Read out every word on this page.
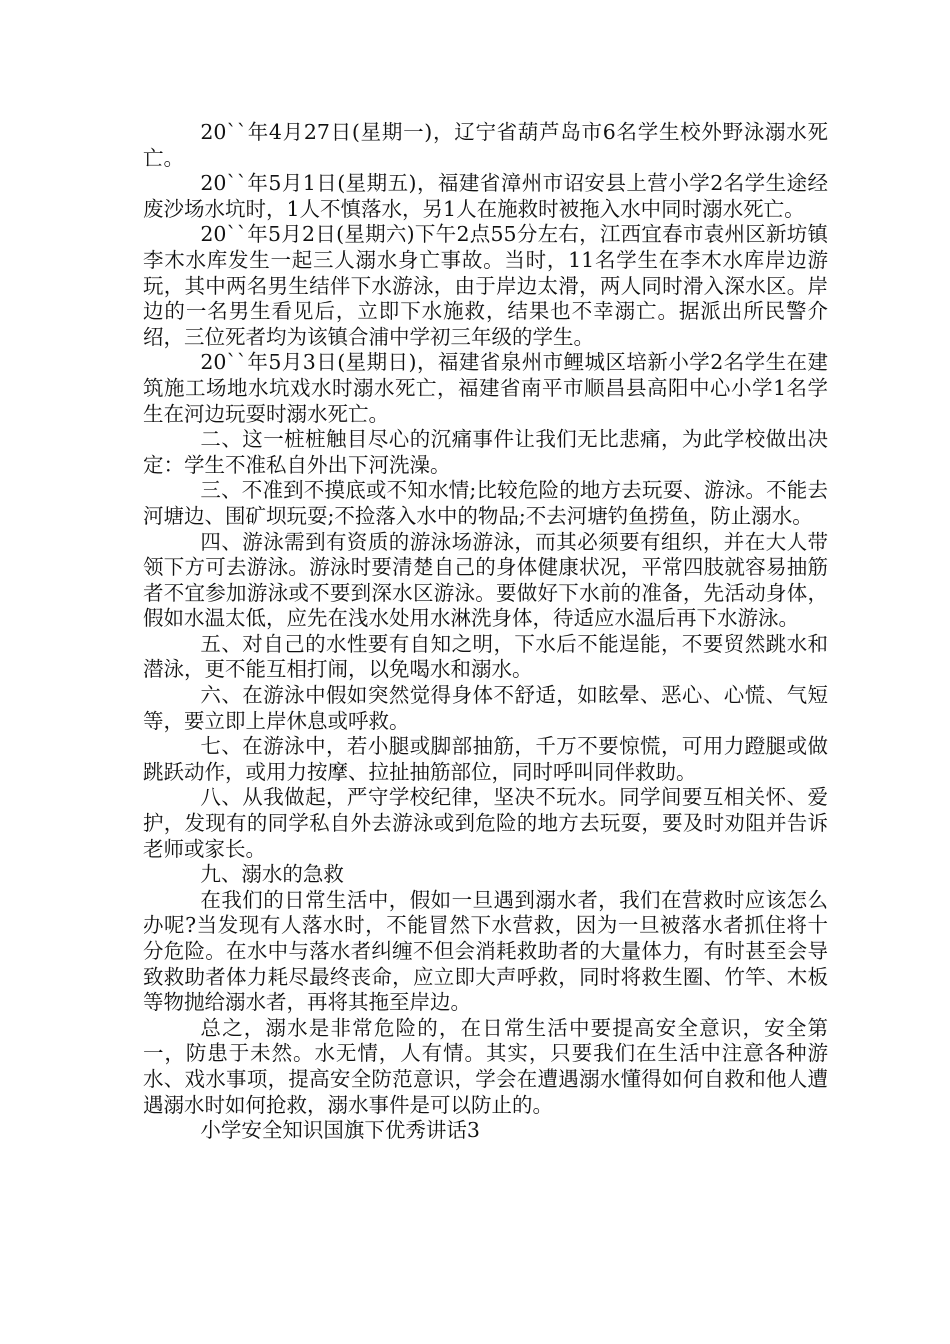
20``年4月27日(星期一)，辽宁省葫芦岛市6名学生校外野泳溺水死亡。

20``年5月1日(星期五)，福建省漳州市诏安县上营小学2名学生途经废沙场水坑时，1人不慎落水，另1人在施救时被拖入水中同时溺水死亡。

20``年5月2日(星期六)下午2点55分左右，江西宜春市袁州区新坊镇李木水库发生一起三人溺水身亡事故。当时，11名学生在李木水库岸边游玩，其中两名男生结伴下水游泳，由于岸边太滑，两人同时滑入深水区。岸边的一名男生看见后，立即下水施救，结果也不幸溺亡。据派出所民警介绍，三位死者均为该镇合浦中学初三年级的学生。

20``年5月3日(星期日)，福建省泉州市鲤城区培新小学2名学生在建筑施工场地水坑戏水时溺水死亡，福建省南平市顺昌县高阳中心小学1名学生在河边玩耍时溺水死亡。

二、这一桩桩触目尽心的沉痛事件让我们无比悲痛，为此学校做出决定：学生不准私自外出下河洗澡。

三、不准到不摸底或不知水情;比较危险的地方去玩耍、游泳。不能去河塘边、围矿坝玩耍;不捡落入水中的物品;不去河塘钓鱼捞鱼，防止溺水。

四、游泳需到有资质的游泳场游泳，而其必须要有组织，并在大人带领下方可去游泳。游泳时要清楚自己的身体健康状况，平常四肢就容易抽筋者不宜参加游泳或不要到深水区游泳。要做好下水前的准备，先活动身体，假如水温太低，应先在浅水处用水淋洗身体，待适应水温后再下水游泳。

五、对自己的水性要有自知之明，下水后不能逞能，不要贸然跳水和潜泳，更不能互相打闹，以免喝水和溺水。

六、在游泳中假如突然觉得身体不舒适，如眩晕、恶心、心慌、气短等，要立即上岸休息或呼救。

七、在游泳中，若小腿或脚部抽筋，千万不要惊慌，可用力蹬腿或做跳跃动作，或用力按摩、拉扯抽筋部位，同时呼叫同伴救助。

八、从我做起，严守学校纪律，坚决不玩水。同学间要互相关怀、爱护，发现有的同学私自外去游泳或到危险的地方去玩耍，要及时劝阻并告诉老师或家长。

九、溺水的急救

在我们的日常生活中，假如一旦遇到溺水者，我们在营救时应该怎么办呢?当发现有人落水时，不能冒然下水营救，因为一旦被落水者抓住将十分危险。在水中与落水者纠缠不但会消耗救助者的大量体力，有时甚至会导致救助者体力耗尽最终丧命，应立即大声呼救，同时将救生圈、竹竿、木板等物抛给溺水者，再将其拖至岸边。

总之，溺水是非常危险的，在日常生活中要提高安全意识，安全第一，防患于未然。水无情，人有情。其实，只要我们在生活中注意各种游水、戏水事项，提高安全防范意识，学会在遭遇溺水懂得如何自救和他人遭遇溺水时如何抢救，溺水事件是可以防止的。

小学安全知识国旗下优秀讲话3
